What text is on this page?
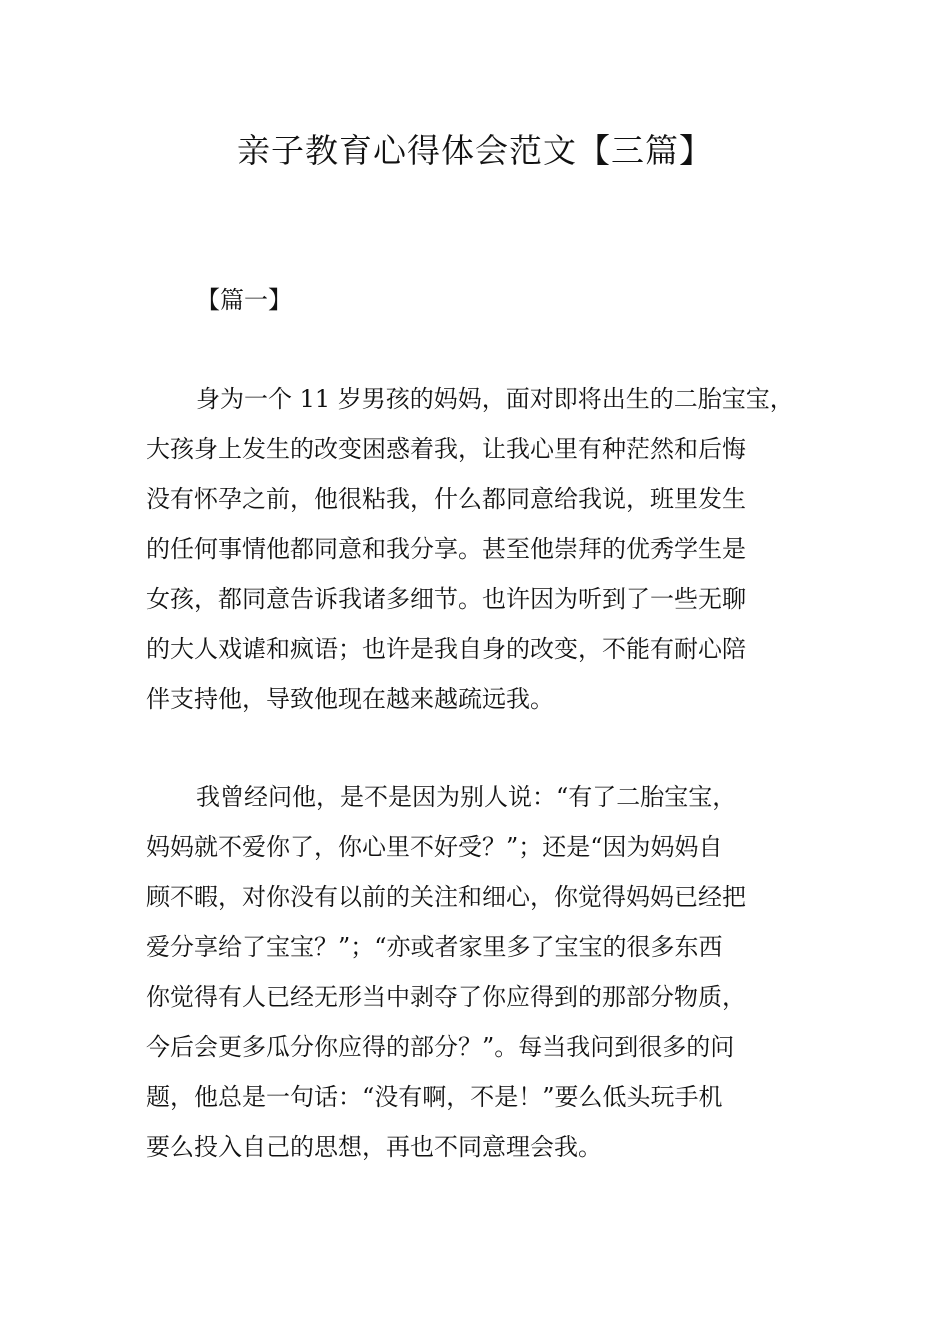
亲子教育心得体会范文【三篇】
【篇一】

身为一个 11 岁男孩的妈妈，面对即将出生的二胎宝宝，
大孩身上发生的改变困惑着我，让我心里有种茫然和后悔
没有怀孕之前，他很粘我，什么都同意给我说，班里发生
的任何事情他都同意和我分享。甚至他崇拜的优秀学生是
女孩，都同意告诉我诸多细节。也许因为听到了一些无聊
的大人戏谑和疯语；也许是我自身的改变，不能有耐心陪
伴支持他，导致他现在越来越疏远我。

我曾经问他，是不是因为别人说：“有了二胎宝宝，
妈妈就不爱你了，你心里不好受？”；还是“因为妈妈自
顾不暇，对你没有以前的关注和细心，你觉得妈妈已经把
爱分享给了宝宝？”；“亦或者家里多了宝宝的很多东西
你觉得有人已经无形当中剥夺了你应得到的那部分物质，
今后会更多瓜分你应得的部分？”。每当我问到很多的问
题，他总是一句话：“没有啊，不是！”要么低头玩手机
要么投入自己的思想，再也不同意理会我。
